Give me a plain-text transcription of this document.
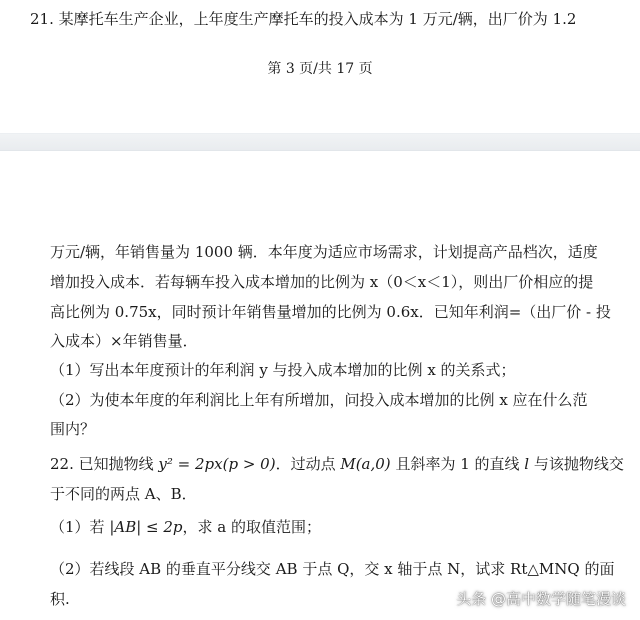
21. 某摩托车生产企业，上年度生产摩托车的投入成本为 1 万元/辆，出厂价为 1.2
第 3 页/共 17 页
万元/辆，年销售量为 1000 辆．本年度为适应市场需求，计划提高产品档次，适度
增加投入成本．若每辆车投入成本增加的比例为 x（0＜x＜1），则出厂价相应的提
高比例为 0.75x，同时预计年销售量增加的比例为 0.6x．已知年利润=（出厂价 - 投
入成本）×年销售量．
（1）写出本年度预计的年利润 y 与投入成本增加的比例 x 的关系式；
（2）为使本年度的年利润比上年有所增加，问投入成本增加的比例 x 应在什么范
围内？
22. 已知抛物线 y² = 2px(p > 0)．过动点 M(a,0) 且斜率为 1 的直线 l 与该抛物线交
于不同的两点 A、B．
（1）若 |AB| ≤ 2p，求 a 的取值范围；
（2）若线段 AB 的垂直平分线交 AB 于点 Q，交 x 轴于点 N，试求 Rt△MNQ 的面
积.	头条 @高中数学随笔漫谈
